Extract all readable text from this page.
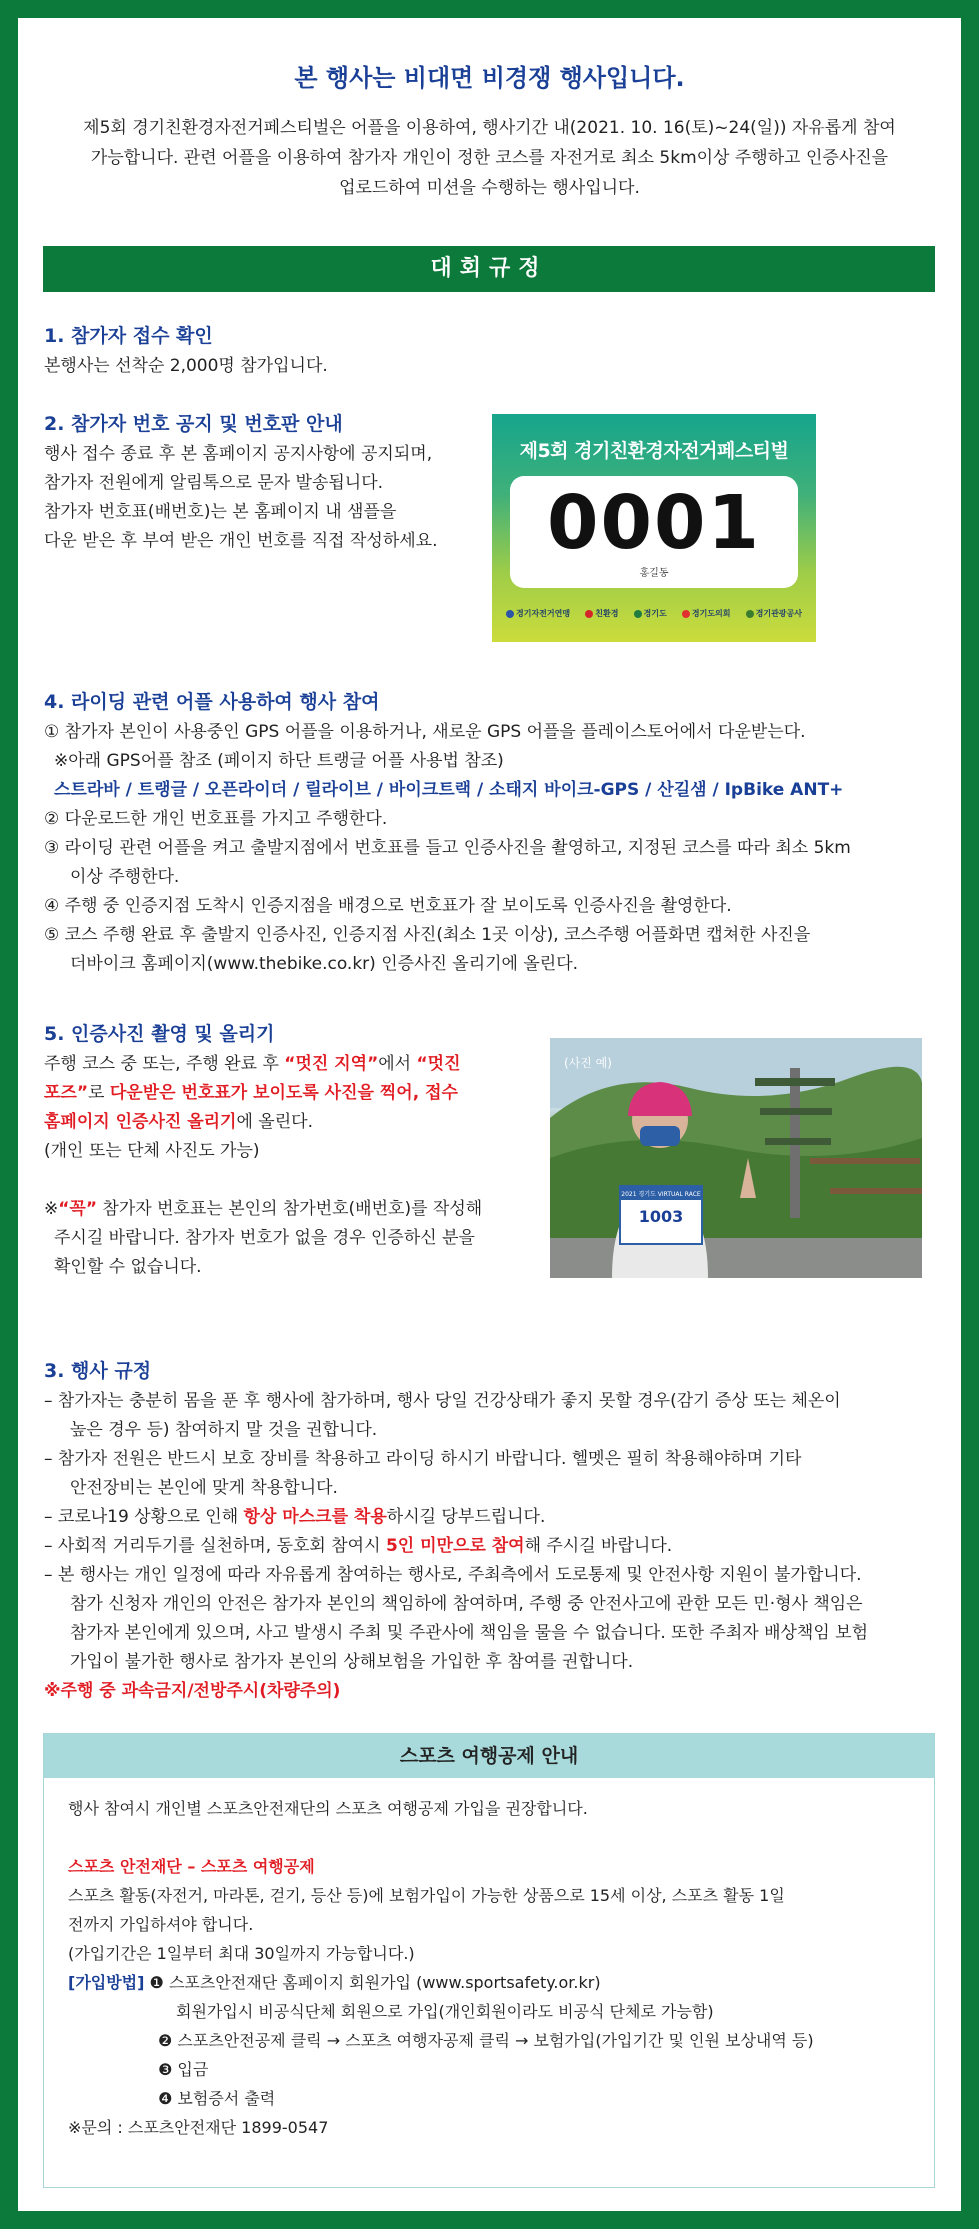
본 행사는 비대면 비경쟁 행사입니다.
제5회 경기친환경자전거페스티벌은 어플을 이용하여, 행사기간 내(2021. 10. 16(토)~24(일)) 자유롭게 참여
가능합니다. 관련 어플을 이용하여 참가자 개인이 정한 코스를 자전거로 최소 5km이상 주행하고 인증사진을
업로드하여 미션을 수행하는 행사입니다.
대회규정
1. 참가자 접수 확인
본행사는 선착순 2,000명 참가입니다.
2. 참가자 번호 공지 및 번호판 안내
행사 접수 종료 후 본 홈페이지 공지사항에 공지되며,
참가자 전원에게 알림톡으로 문자 발송됩니다.
참가자 번호표(배번호)는 본 홈페이지 내 샘플을
다운 받은 후 부여 받은 개인 번호를 직접 작성하세요.
제5회 경기친환경자전거페스티벌
0001
홍길동
경기자전거연맹	친환경	경기도	경기도의회	경기관광공사
4. 라이딩 관련 어플 사용하여 행사 참여
① 참가자 본인이 사용중인 GPS 어플을 이용하거나, 새로운 GPS 어플을 플레이스토어에서 다운받는다.
※아래 GPS어플 참조 (페이지 하단 트랭글 어플 사용법 참조)
스트라바 / 트랭글 / 오픈라이더 / 릴라이브 / 바이크트랙 / 소태지 바이크-GPS / 산길샘 / IpBike ANT+
② 다운로드한 개인 번호표를 가지고 주행한다.
③ 라이딩 관련 어플을 켜고 출발지점에서 번호표를 들고 인증사진을 촬영하고, 지정된 코스를 따라 최소 5km
이상 주행한다.
④ 주행 중 인증지점 도착시 인증지점을 배경으로 번호표가 잘 보이도록 인증사진을 촬영한다.
⑤ 코스 주행 완료 후 출발지 인증사진, 인증지점 사진(최소 1곳 이상), 코스주행 어플화면 캡쳐한 사진을
더바이크 홈페이지(www.thebike.co.kr) 인증사진 올리기에 올린다.
5. 인증사진 촬영 및 올리기
주행 코스 중 또는, 주행 완료 후 “멋진 지역”에서 “멋진
포즈”로 다운받은 번호표가 보이도록 사진을 찍어, 접수
홈페이지 인증사진 올리기에 올린다.
(개인 또는 단체 사진도 가능)
※“꼭” 참가자 번호표는 본인의 참가번호(배번호)를 작성해
주시길 바랍니다. 참가자 번호가 없을 경우 인증하신 분을
확인할 수 없습니다.
2021 경기도 VIRTUAL RACE
1003
(사진 예)
3. 행사 규정
– 참가자는 충분히 몸을 푼 후 행사에 참가하며, 행사 당일 건강상태가 좋지 못할 경우(감기 증상 또는 체온이
높은 경우 등) 참여하지 말 것을 권합니다.
– 참가자 전원은 반드시 보호 장비를 착용하고 라이딩 하시기 바랍니다. 헬멧은 필히 착용해야하며 기타
안전장비는 본인에 맞게 착용합니다.
– 코로나19 상황으로 인해 항상 마스크를 착용하시길 당부드립니다.
– 사회적 거리두기를 실천하며, 동호회 참여시 5인 미만으로 참여해 주시길 바랍니다.
– 본 행사는 개인 일정에 따라 자유롭게 참여하는 행사로, 주최측에서 도로통제 및 안전사항 지원이 불가합니다.
참가 신청자 개인의 안전은 참가자 본인의 책임하에 참여하며, 주행 중 안전사고에 관한 모든 민·형사 책임은
참가자 본인에게 있으며, 사고 발생시 주최 및 주관사에 책임을 물을 수 없습니다. 또한 주최자 배상책임 보험
가입이 불가한 행사로 참가자 본인의 상해보험을 가입한 후 참여를 권합니다.
※주행 중 과속금지/전방주시(차량주의)
스포츠 여행공제 안내
행사 참여시 개인별 스포츠안전재단의 스포츠 여행공제 가입을 권장합니다.
스포츠 안전재단 – 스포츠 여행공제
스포츠 활동(자전거, 마라톤, 걷기, 등산 등)에 보험가입이 가능한 상품으로 15세 이상, 스포츠 활동 1일
전까지 가입하셔야 합니다.
(가입기간은 1일부터 최대 30일까지 가능합니다.)
[가입방법] ❶ 스포츠안전재단 홈페이지 회원가입 (www.sportsafety.or.kr)
회원가입시 비공식단체 회원으로 가입(개인회원이라도 비공식 단체로 가능함)
❷ 스포츠안전공제 클릭 → 스포츠 여행자공제 클릭 → 보험가입(가입기간 및 인원 보상내역 등)
❸ 입금
❹ 보험증서 출력
※문의 : 스포츠안전재단 1899-0547
